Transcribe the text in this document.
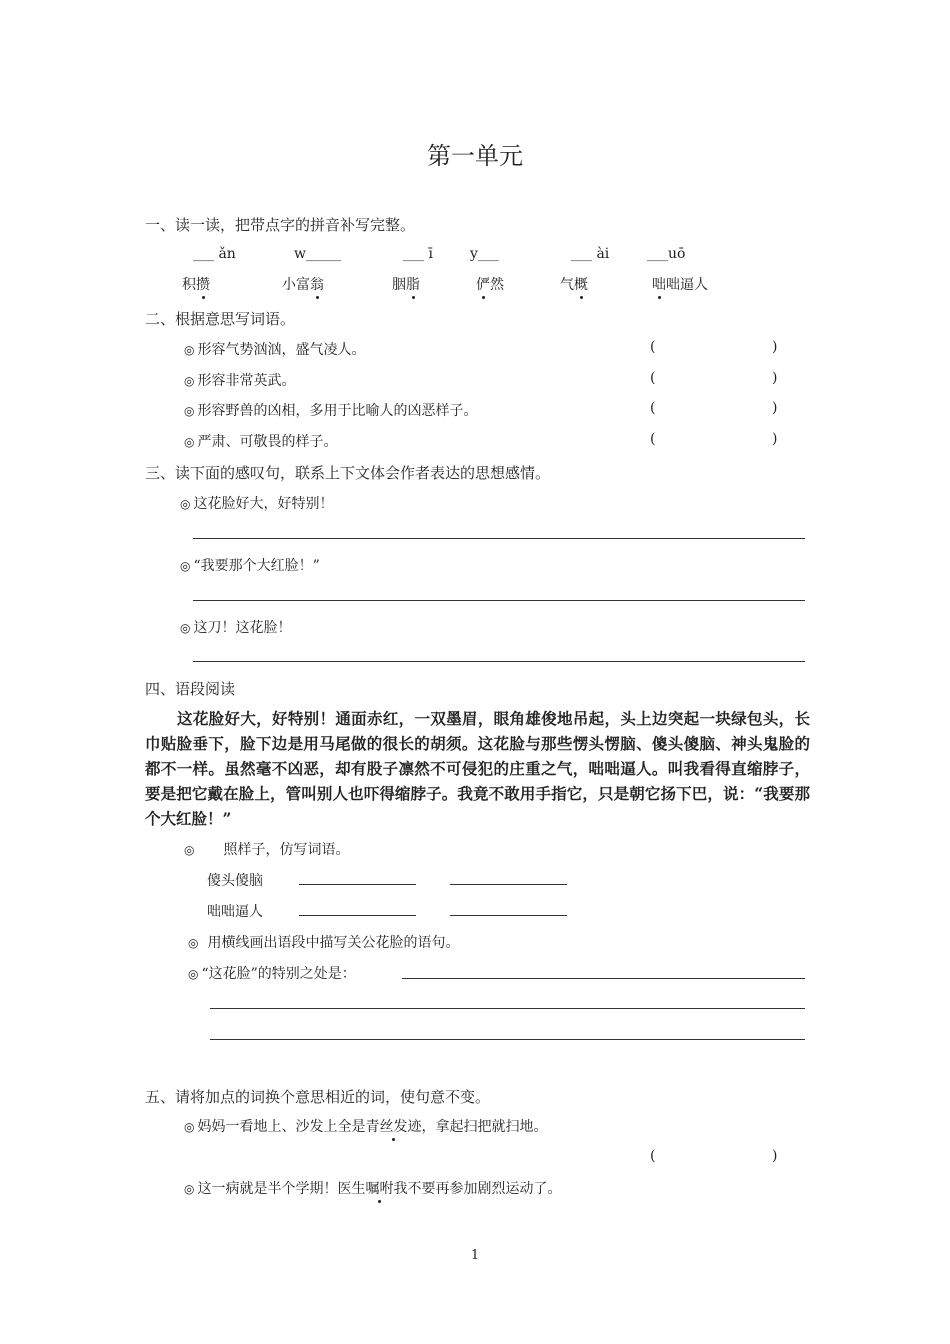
第一单元
一、读一读，把带点字的拼音补写完整。
___ ǎn	w_____	___ ī	y___	___ ài	___uō
积攒	小富翁	胭脂	俨然	气概	咄咄逼人
二、根据意思写词语。
◎ 形容气势汹汹，盛气凌人。	(	)
◎ 形容非常英武。	(	)
◎ 形容野兽的凶相，多用于比喻人的凶恶样子。	(	)
◎ 严肃、可敬畏的样子。	(	)
三、读下面的感叹句，联系上下文体会作者表达的思想感情。
◎ 这花脸好大，好特别！
◎ “我要那个大红脸！”
◎ 这刀！这花脸！
四、语段阅读

这花脸好大，好特别！通面赤红，一双墨眉，眼角雄俊地吊起，头上边突起一块绿包头，长巾贴脸垂下，脸下边是用马尾做的很长的胡须。这花脸与那些愣头愣脑、傻头傻脑、神头鬼脸的都不一样。虽然毫不凶恶，却有股子凛然不可侵犯的庄重之气，咄咄逼人。叫我看得直缩脖子，要是把它戴在脸上，管叫别人也吓得缩脖子。我竟不敢用手指它，只是朝它扬下巴，说：“我要那个大红脸！”

◎ 照样子，仿写词语。
傻头傻脑
咄咄逼人
◎ 用横线画出语段中描写关公花脸的语句。
◎ “这花脸”的特别之处是：
五、请将加点的词换个意思相近的词，使句意不变。
◎ 妈妈一看地上、沙发上全是青丝发迹，拿起扫把就扫地。
(	)
◎ 这一病就是半个学期！医生嘱咐我不要再参加剧烈运动了。
1
